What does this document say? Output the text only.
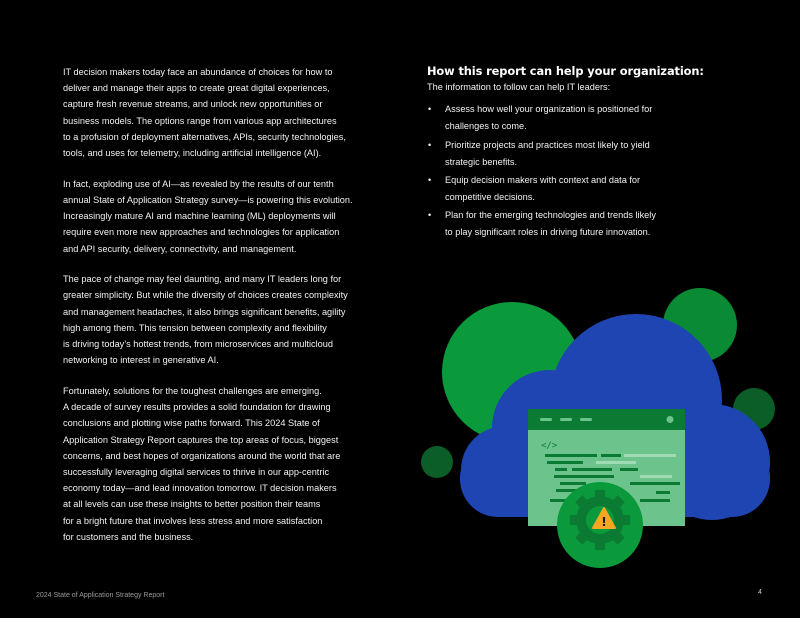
IT decision makers today face an abundance of choices for how to
deliver and manage their apps to create great digital experiences,
capture fresh revenue streams, and unlock new opportunities or
business models. The options range from various app architectures
to a profusion of deployment alternatives, APIs, security technologies,
tools, and uses for telemetry, including artificial intelligence (AI).
In fact, exploding use of AI—as revealed by the results of our tenth
annual State of Application Strategy survey—is powering this evolution.
Increasingly mature AI and machine learning (ML) deployments will
require even more new approaches and technologies for application
and API security, delivery, connectivity, and management.
The pace of change may feel daunting, and many IT leaders long for
greater simplicity. But while the diversity of choices creates complexity
and management headaches, it also brings significant benefits, agility
high among them. This tension between complexity and flexibility
is driving today’s hottest trends, from microservices and multicloud
networking to interest in generative AI.
Fortunately, solutions for the toughest challenges are emerging.
A decade of survey results provides a solid foundation for drawing
conclusions and plotting wise paths forward. This 2024 State of
Application Strategy Report captures the top areas of focus, biggest
concerns, and best hopes of organizations around the world that are
successfully leveraging digital services to thrive in our app-centric
economy today—and lead innovation tomorrow. IT decision makers
at all levels can use these insights to better position their teams
for a bright future that involves less stress and more satisfaction
for customers and the business.
How this report can help your organization:
The information to follow can help IT leaders:
• Assess how well your organization is positioned for
challenges to come.
• Prioritize projects and practices most likely to yield
strategic benefits.
• Equip decision makers with context and data for
competitive decisions.
• Plan for the emerging technologies and trends likely
to play significant roles in driving future innovation.
</>
!
2024 State of Application Strategy Report	4
